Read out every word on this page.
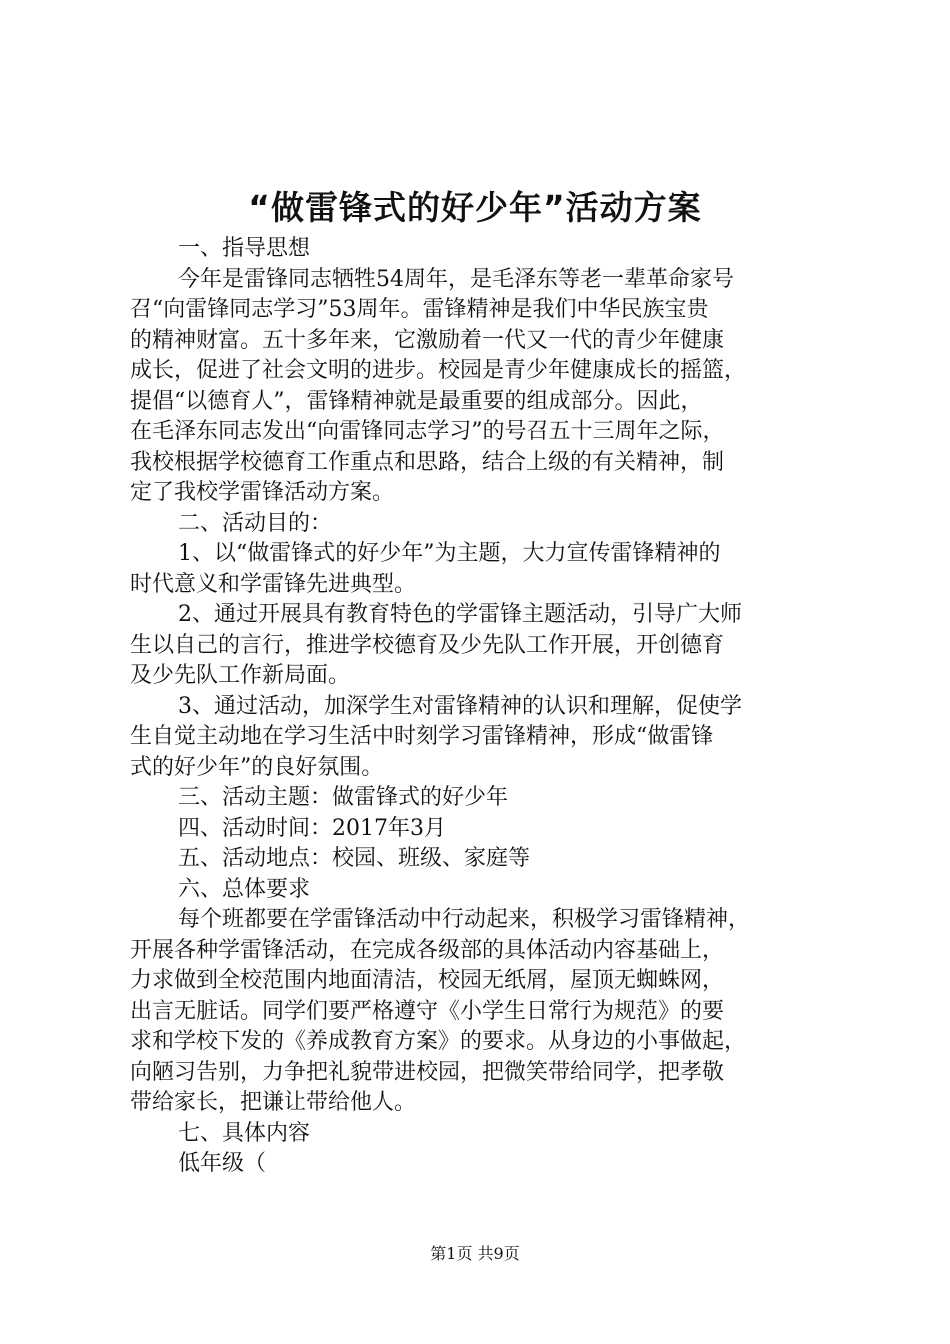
“做雷锋式的好少年”活动方案
一、指导思想
今年是雷锋同志牺牲54周年，是毛泽东等老一辈革命家号
召“向雷锋同志学习”53周年。雷锋精神是我们中华民族宝贵
的精神财富。五十多年来，它激励着一代又一代的青少年健康
成长，促进了社会文明的进步。校园是青少年健康成长的摇篮，
提倡“以德育人”，雷锋精神就是最重要的组成部分。因此，
在毛泽东同志发出“向雷锋同志学习”的号召五十三周年之际，
我校根据学校德育工作重点和思路，结合上级的有关精神，制
定了我校学雷锋活动方案。
二、活动目的：
1、以“做雷锋式的好少年”为主题，大力宣传雷锋精神的
时代意义和学雷锋先进典型。
2、通过开展具有教育特色的学雷锋主题活动，引导广大师
生以自己的言行，推进学校德育及少先队工作开展，开创德育
及少先队工作新局面。
3、通过活动，加深学生对雷锋精神的认识和理解，促使学
生自觉主动地在学习生活中时刻学习雷锋精神，形成“做雷锋
式的好少年”的良好氛围。
三、活动主题：做雷锋式的好少年
四、活动时间：2017年3月
五、活动地点：校园、班级、家庭等
六、总体要求
每个班都要在学雷锋活动中行动起来，积极学习雷锋精神，
开展各种学雷锋活动，在完成各级部的具体活动内容基础上，
力求做到全校范围内地面清洁，校园无纸屑，屋顶无蜘蛛网，
出言无脏话。同学们要严格遵守《小学生日常行为规范》的要
求和学校下发的《养成教育方案》的要求。从身边的小事做起，
向陋习告别，力争把礼貌带进校园，把微笑带给同学，把孝敬
带给家长，把谦让带给他人。
七、具体内容
低年级（
第1页 共9页
